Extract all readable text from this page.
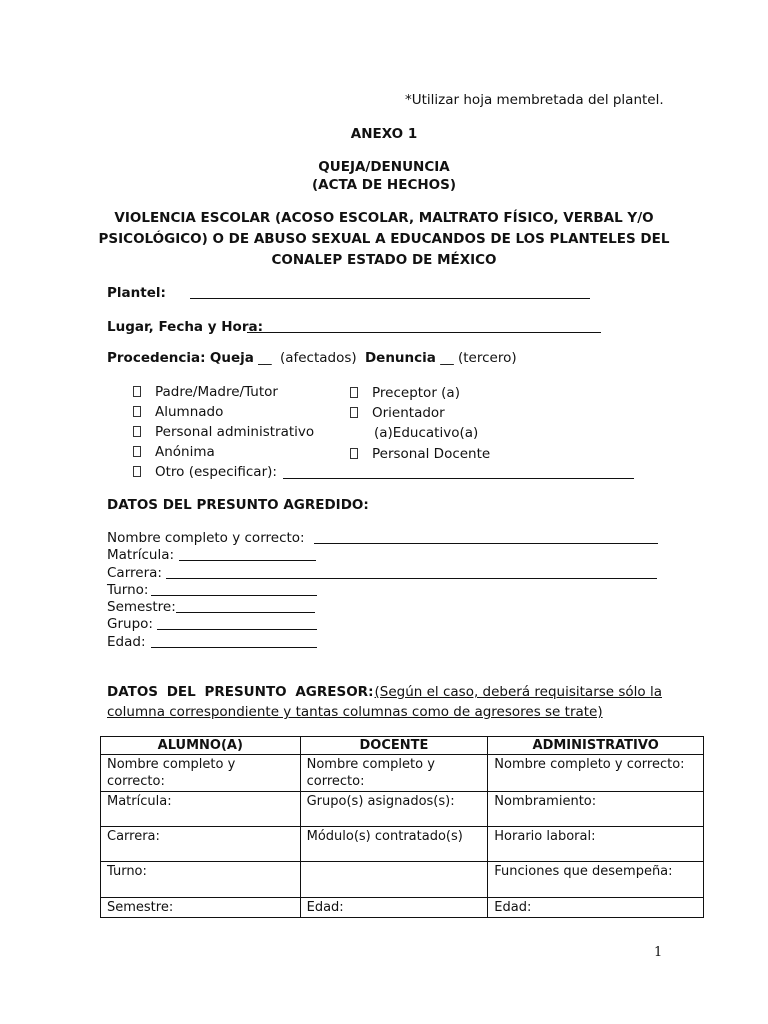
*Utilizar hoja membretada del plantel.
ANEXO 1
QUEJA/DENUNCIA
(ACTA DE HECHOS)
VIOLENCIA ESCOLAR (ACOSO ESCOLAR, MALTRATO FÍSICO, VERBAL Y/O
PSICOLÓGICO) O DE ABUSO SEXUAL A EDUCANDOS DE LOS PLANTELES DEL
CONALEP ESTADO DE MÉXICO
Plantel:
Lugar, Fecha y Hora:
Procedencia: Queja __ (afectados) Denuncia __ (tercero)
Padre/Madre/Tutor
Alumnado
Personal administrativo
Anónima
Otro (especificar):
Preceptor (a)
Orientador
(a)Educativo(a)
Personal Docente
DATOS DEL PRESUNTO AGREDIDO:
Nombre completo y correcto:
Matrícula:
Carrera:
Turno:
Semestre:
Grupo:
Edad:
DATOS DEL PRESUNTO AGRESOR: (Según el caso, deberá requisitarse sólo la
columna correspondiente y tantas columnas como de agresores se trate)
ALUMNO(A)	DOCENTE	ADMINISTRATIVO
Nombre completo y correcto:	Nombre completo y correcto:	Nombre completo y correcto:
Matrícula:	Grupo(s) asignados(s):	Nombramiento:
Carrera:	Módulo(s) contratado(s)	Horario laboral:
Turno:		Funciones que desempeña:
Semestre:	Edad:	Edad:
1
